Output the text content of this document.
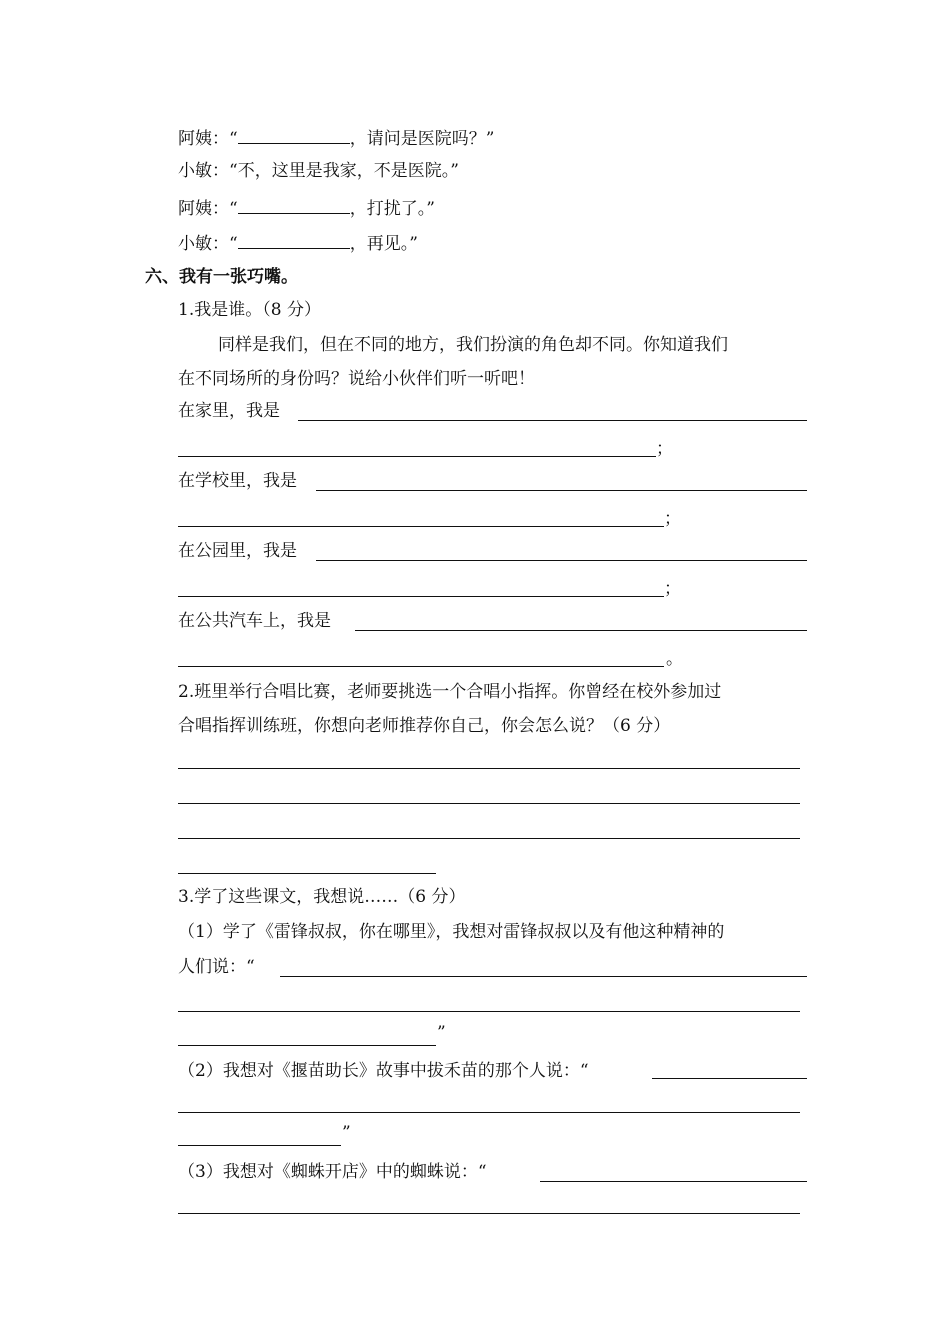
阿姨：“	，请问是医院吗？”
小敏：“不，这里是我家，不是医院。”
阿姨：“	，打扰了。”
小敏：“	，再见。”
六、我有一张巧嘴。
1.我是谁。（8 分）
同样是我们，但在不同的地方，我们扮演的角色却不同。你知道我们
在不同场所的身份吗？说给小伙伴们听一听吧！
在家里，我是
；
在学校里，我是
；
在公园里，我是
；
在公共汽车上，我是
。
2.班里举行合唱比赛，老师要挑选一个合唱小指挥。你曾经在校外参加过
合唱指挥训练班，你想向老师推荐你自己，你会怎么说？（6 分）
3.学了这些课文，我想说……（6 分）
（1）学了《雷锋叔叔，你在哪里》，我想对雷锋叔叔以及有他这种精神的
人们说：“
”
（2）我想对《揠苗助长》故事中拔禾苗的那个人说：“
”
（3）我想对《蜘蛛开店》中的蜘蛛说：“
